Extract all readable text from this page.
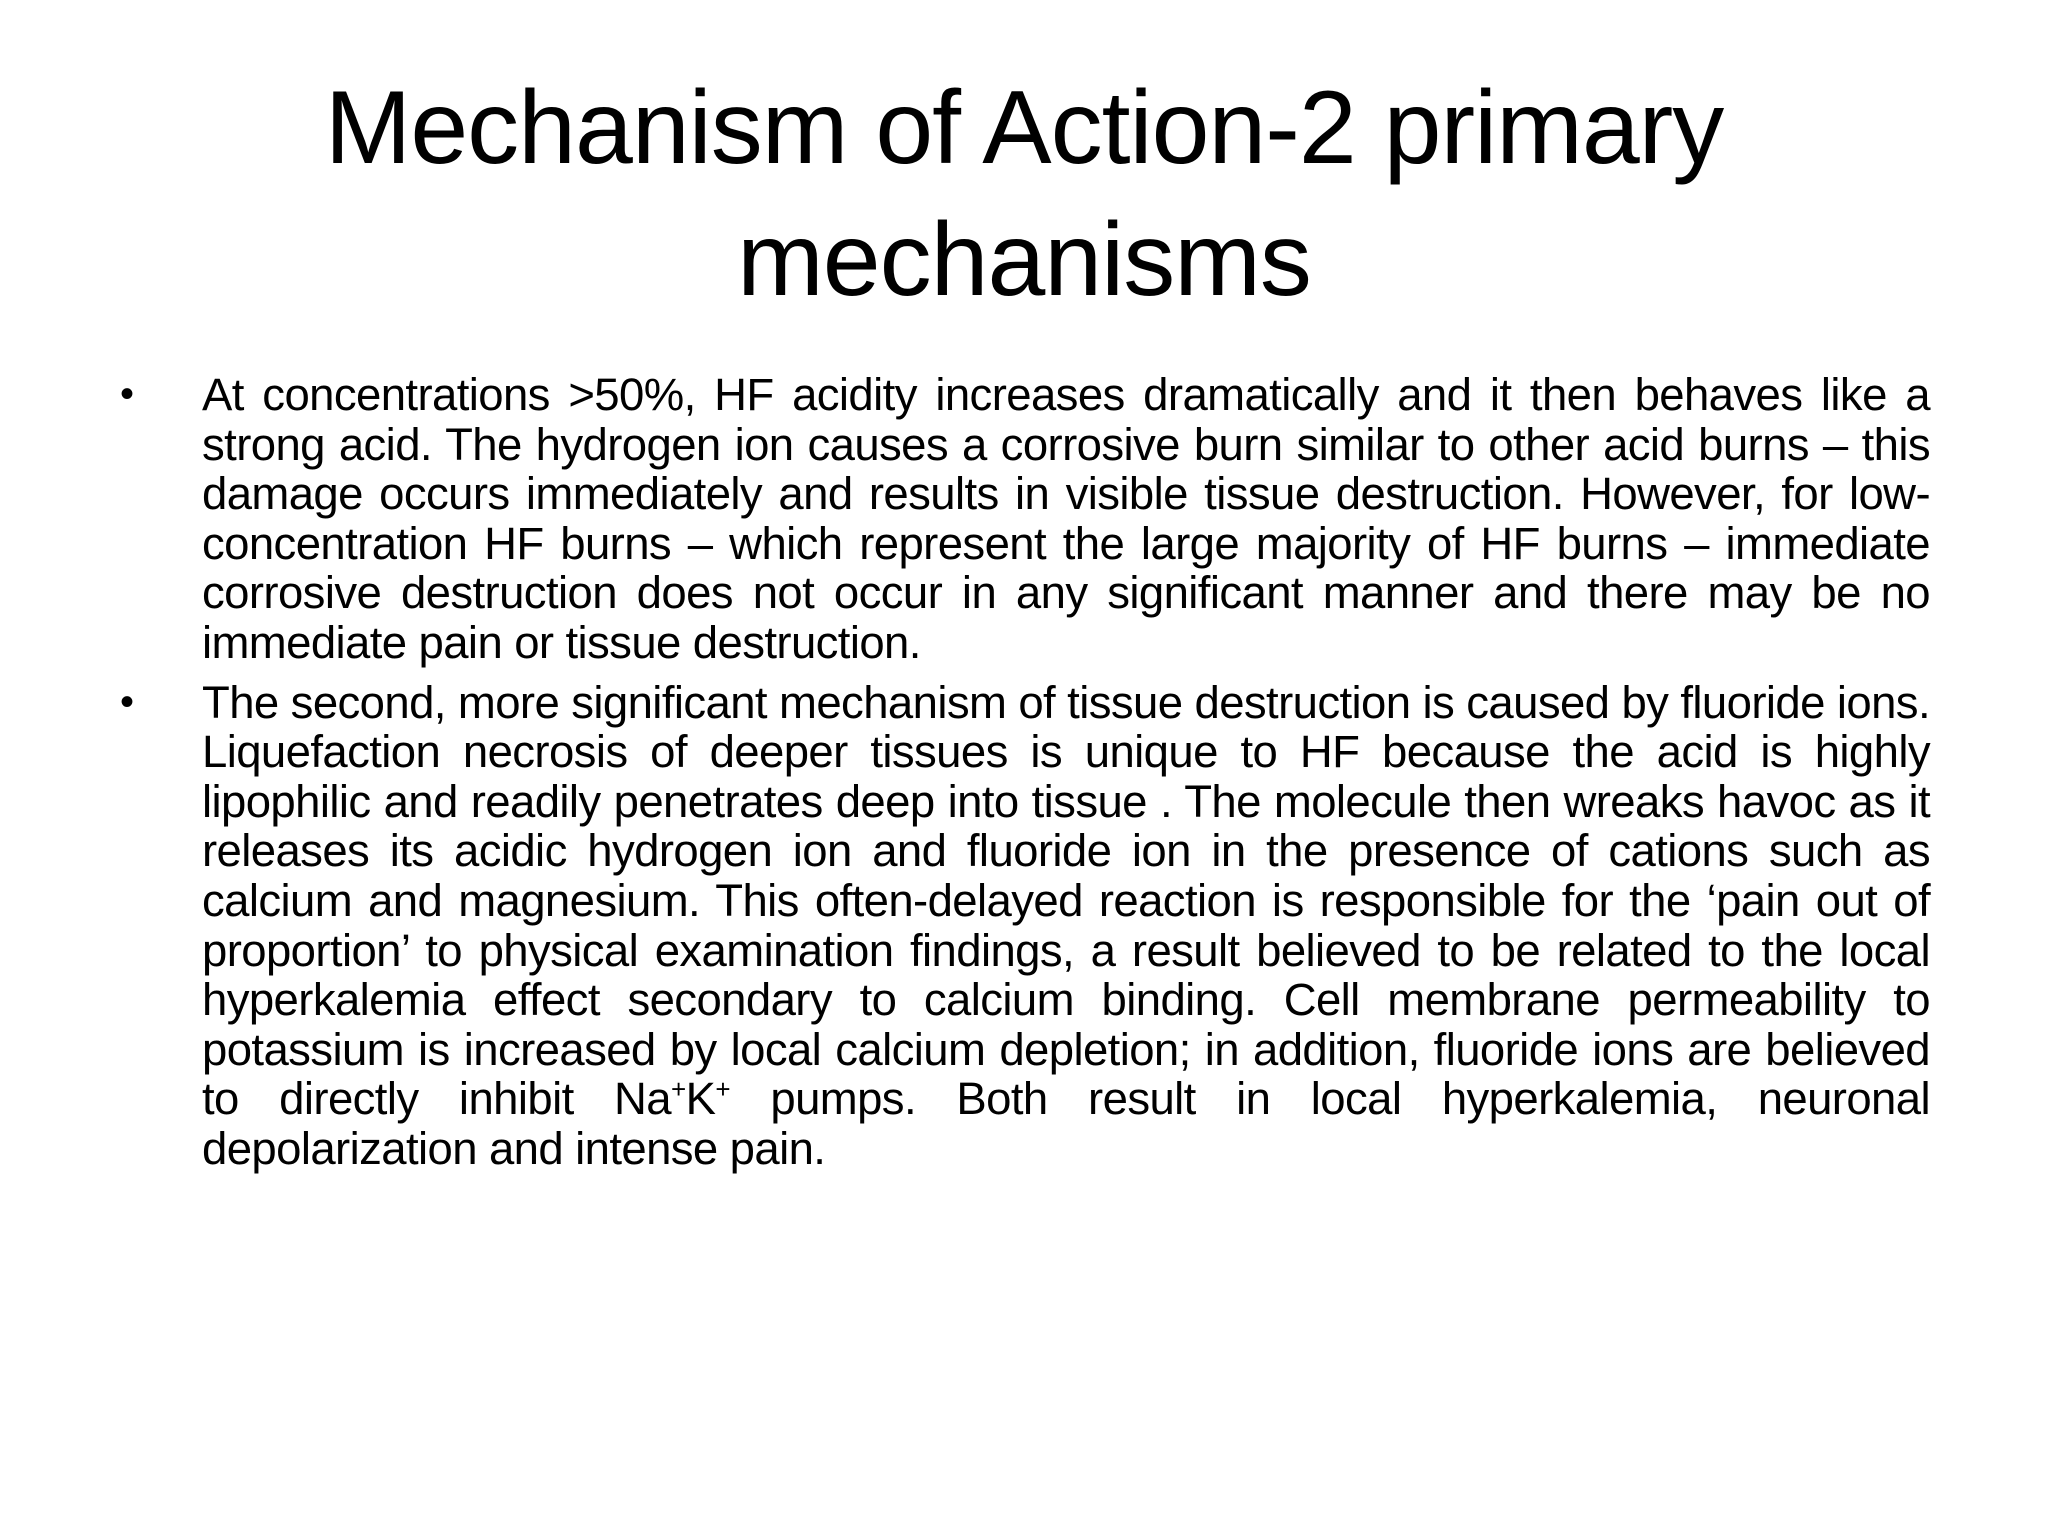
Mechanism of Action-2 primary mechanisms
•	At concentrations >50%, HF acidity increases dramatically and it then behaves like a strong acid. The hydrogen ion causes a corrosive burn similar to other acid burns – this damage occurs immediately and results in visible tissue destruction. However, for low-concentration HF burns – which represent the large majority of HF burns – immediate corrosive destruction does not occur in any significant manner and there may be no immediate pain or tissue destruction.
•	The second, more significant mechanism of tissue destruction is caused by fluoride ions. Liquefaction necrosis of deeper tissues is unique to HF because the acid is highly lipophilic and readily penetrates deep into tissue . The molecule then wreaks havoc as it releases its acidic hydrogen ion and fluoride ion in the presence of cations such as calcium and magnesium. This often-delayed reaction is responsible for the ‘pain out of proportion’ to physical examination findings, a result believed to be related to the local hyperkalemia effect secondary to calcium binding. Cell membrane permeability to potassium is increased by local calcium depletion; in addition, fluoride ions are believed to directly inhibit Na+K+ pumps. Both result in local hyperkalemia, neuronal depolarization and intense pain.
